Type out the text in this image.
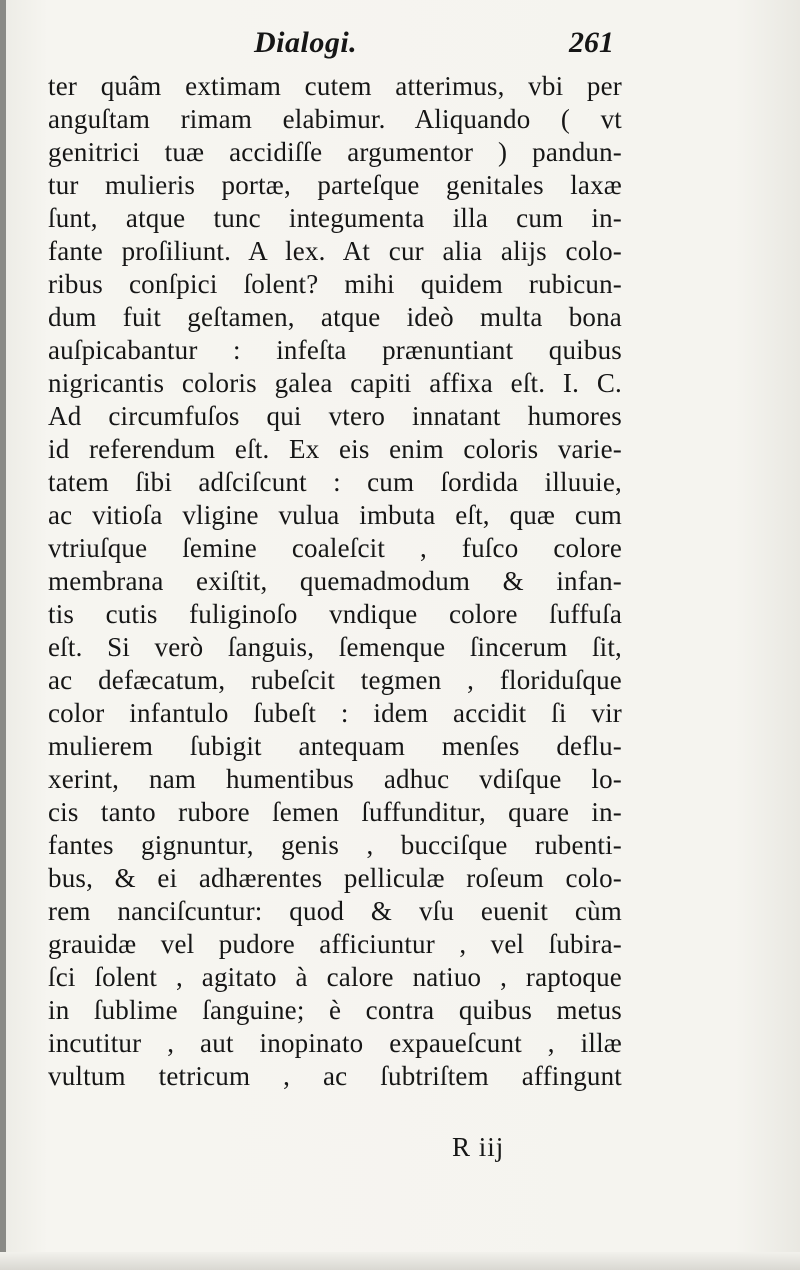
Dialogi.	261
ter quâm extimam cutem atterimus, vbi per
anguſtam rimam elabimur. Aliquando ( vt
genitrici tuæ accidiſſe argumentor ) pandun-
tur mulieris portæ, parteſque genitales laxæ
ſunt, atque tunc integumenta illa cum in-
fante proſiliunt. A lex. At cur alia alijs colo-
ribus conſpici ſolent? mihi quidem rubicun-
dum fuit geſtamen, atque ideò multa bona
auſpicabantur : infeſta prænuntiant quibus
nigricantis coloris galea capiti affixa eſt. I. C.
Ad circumfuſos qui vtero innatant humores
id referendum eſt. Ex eis enim coloris varie-
tatem ſibi adſciſcunt : cum ſordida illuuie,
ac vitioſa vligine vulua imbuta eſt, quæ cum
vtriuſque ſemine coaleſcit , fuſco colore
membrana exiſtit, quemadmodum & infan-
tis cutis fuliginoſo vndique colore ſuffuſa
eſt. Si verò ſanguis, ſemenque ſincerum ſit,
ac defæcatum, rubeſcit tegmen , floriduſque
color infantulo ſubeſt : idem accidit ſi vir
mulierem ſubigit antequam menſes deflu-
xerint, nam humentibus adhuc vdiſque lo-
cis tanto rubore ſemen ſuffunditur, quare in-
fantes gignuntur, genis , bucciſque rubenti-
bus, & ei adhærentes pelliculæ roſeum colo-
rem nanciſcuntur: quod & vſu euenit cùm
grauidæ vel pudore afficiuntur , vel ſubira-
ſci ſolent , agitato à calore natiuo , raptoque
in ſublime ſanguine; è contra quibus metus
incutitur , aut inopinato expaueſcunt , illæ
vultum tetricum , ac ſubtriſtem affingunt
R iij
